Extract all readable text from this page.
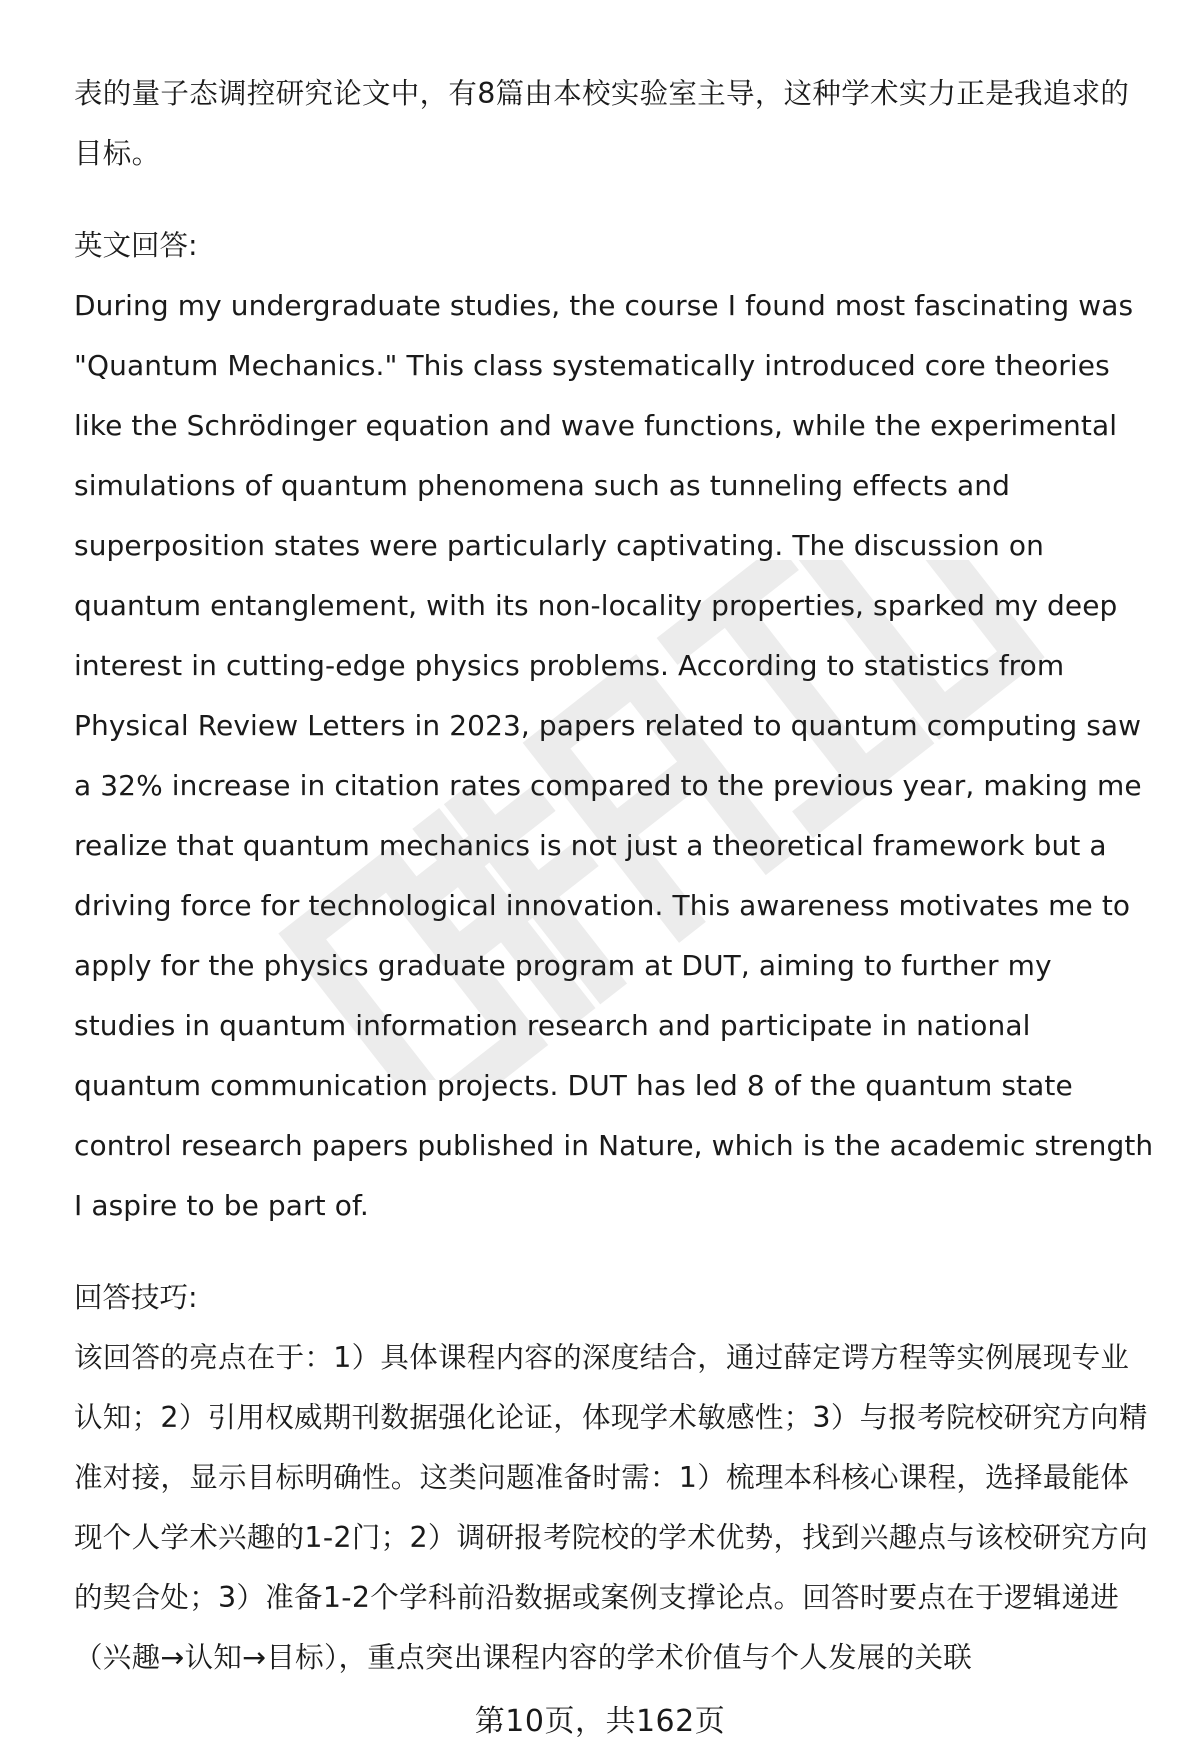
表的量子态调控研究论文中，有8篇由本校实验室主导，这种学术实力正是我追求的目标。

英文回答:

During my undergraduate studies, the course I found most fascinating was "Quantum Mechanics." This class systematically introduced core theories like the Schrödinger equation and wave functions, while the experimental simulations of quantum phenomena such as tunneling effects and superposition states were particularly captivating. The discussion on quantum entanglement, with its non-locality properties, sparked my deep interest in cutting-edge physics problems. According to statistics from Physical Review Letters in 2023, papers related to quantum computing saw a 32% increase in citation rates compared to the previous year, making me realize that quantum mechanics is not just a theoretical framework but a driving force for technological innovation. This awareness motivates me to apply for the physics graduate program at DUT, aiming to further my studies in quantum information research and participate in national quantum communication projects. DUT has led 8 of the quantum state control research papers published in Nature, which is the academic strength I aspire to be part of.

回答技巧:

该回答的亮点在于：1）具体课程内容的深度结合，通过薛定谔方程等实例展现专业认知；2）引用权威期刊数据强化论证，体现学术敏感性；3）与报考院校研究方向精准对接，显示目标明确性。这类问题准备时需：1）梳理本科核心课程，选择最能体现个人学术兴趣的1-2门；2）调研报考院校的学术优势，找到兴趣点与该校研究方向的契合处；3）准备1-2个学科前沿数据或案例支撑论点。回答时要点在于逻辑递进（兴趣→认知→目标），重点突出课程内容的学术价值与个人发展的关联

第10页，共162页
